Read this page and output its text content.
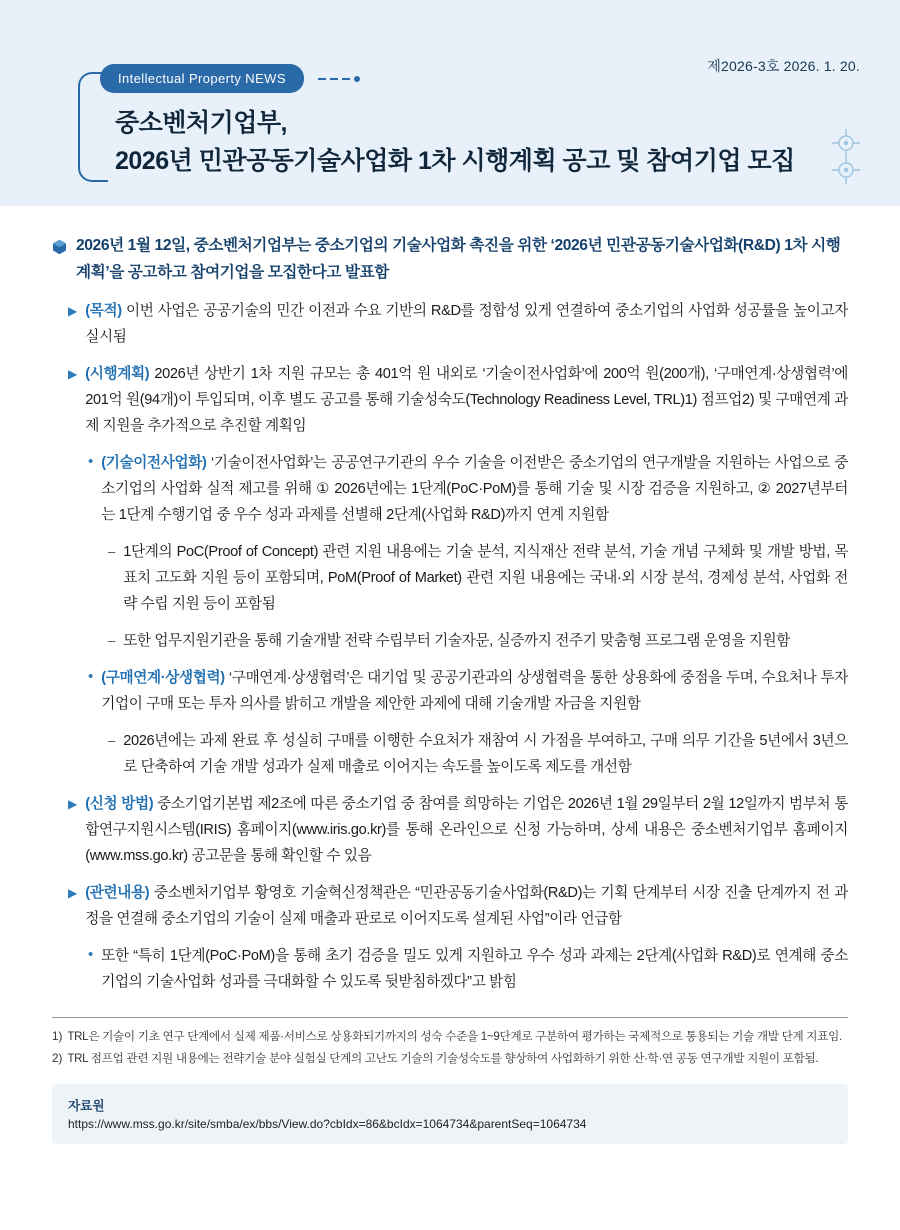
제2026-3호 2026. 1. 20.
Intellectual Property NEWS
중소벤처기업부,
2026년 민관공동기술사업화 1차 시행계획 공고 및 참여기업 모집
2026년 1월 12일, 중소벤처기업부는 중소기업의 기술사업화 촉진을 위한 ‘2026년 민관공동기술사업화(R&D) 1차 시행계획’을 공고하고 참여기업을 모집한다고 발표함
▶ (목적) 이번 사업은 공공기술의 민간 이전과 수요 기반의 R&D를 정합성 있게 연결하여 중소기업의 사업화 성공률을 높이고자 실시됨
▶ (시행계획) 2026년 상반기 1차 지원 규모는 총 401억 원 내외로 ‘기술이전사업화’에 200억 원(200개), ‘구매연계·상생협력’에 201억 원(94개)이 투입되며, 이후 별도 공고를 통해 기술성숙도(Technology Readiness Level, TRL)1) 점프업2) 및 구매연계 과제 지원을 추가적으로 추진할 계획임
• (기술이전사업화) ‘기술이전사업화’는 공공연구기관의 우수 기술을 이전받은 중소기업의 연구개발을 지원하는 사업으로 중소기업의 사업화 실적 제고를 위해 ① 2026년에는 1단계(PoC·PoM)를 통해 기술 및 시장 검증을 지원하고, ② 2027년부터는 1단계 수행기업 중 우수 성과 과제를 선별해 2단계(사업화 R&D)까지 연계 지원함
– 1단계의 PoC(Proof of Concept) 관련 지원 내용에는 기술 분석, 지식재산 전략 분석, 기술 개념 구체화 및 개발 방법, 목표치 고도화 지원 등이 포함되며, PoM(Proof of Market) 관련 지원 내용에는 국내·외 시장 분석, 경제성 분석, 사업화 전략 수립 지원 등이 포함됨
– 또한 업무지원기관을 통해 기술개발 전략 수립부터 기술자문, 실증까지 전주기 맞춤형 프로그램 운영을 지원함
• (구매연계·상생협력) ‘구매연계·상생협력’은 대기업 및 공공기관과의 상생협력을 통한 상용화에 중점을 두며, 수요처나 투자기업이 구매 또는 투자 의사를 밝히고 개발을 제안한 과제에 대해 기술개발 자금을 지원함
– 2026년에는 과제 완료 후 성실히 구매를 이행한 수요처가 재참여 시 가점을 부여하고, 구매 의무 기간을 5년에서 3년으로 단축하여 기술 개발 성과가 실제 매출로 이어지는 속도를 높이도록 제도를 개선함
▶ (신청 방법) 중소기업기본법 제2조에 따른 중소기업 중 참여를 희망하는 기업은 2026년 1월 29일부터 2월 12일까지 범부처 통합연구지원시스템(IRIS) 홈페이지(www.iris.go.kr)를 통해 온라인으로 신청 가능하며, 상세 내용은 중소벤처기업부 홈페이지(www.mss.go.kr) 공고문을 통해 확인할 수 있음
▶ (관련내용) 중소벤처기업부 황영호 기술혁신정책관은 “민관공동기술사업화(R&D)는 기획 단계부터 시장 진출 단계까지 전 과정을 연결해 중소기업의 기술이 실제 매출과 판로로 이어지도록 설계된 사업”이라 언급함
• 또한 “특히 1단계(PoC·PoM)을 통해 초기 검증을 밀도 있게 지원하고 우수 성과 과제는 2단계(사업화 R&D)로 연계해 중소기업의 기술사업화 성과를 극대화할 수 있도록 뒷받침하겠다”고 밝힘
1) TRL은 기술이 기초 연구 단계에서 실제 제품·서비스로 상용화되기까지의 성숙 수준을 1~9단계로 구분하여 평가하는 국제적으로 통용되는 기술 개발 단계 지표임.
2) TRL 점프업 관련 지원 내용에는 전략기술 분야 실험실 단계의 고난도 기술의 기술성숙도를 향상하여 사업화하기 위한 산·학·연 공동 연구개발 지원이 포함됨.
자료원
https://www.mss.go.kr/site/smba/ex/bbs/View.do?cbIdx=86&bcIdx=1064734&parentSeq=1064734
